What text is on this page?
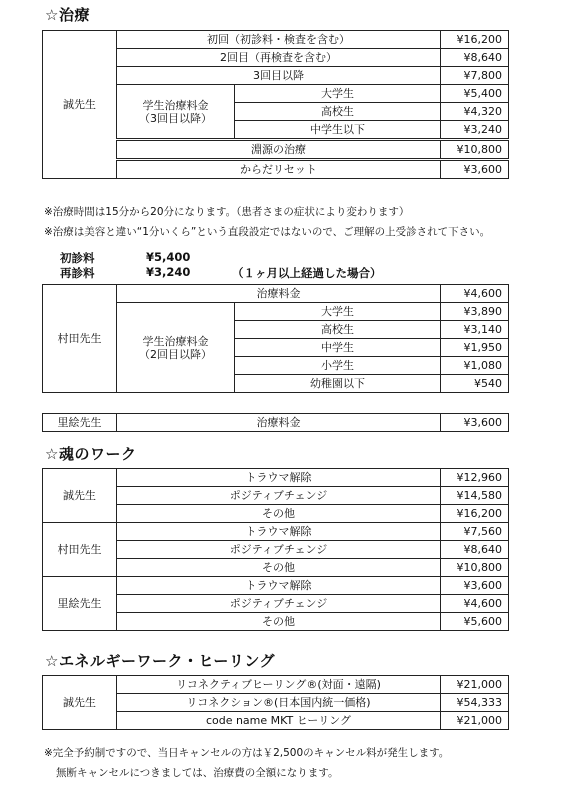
☆治療
誠先生	初回（初診料・検査を含む）		¥16,200
	2回目（再検査を含む）		¥8,640
	3回目以降		¥7,800
	学生治療料金
（3回目以降）	大学生	¥5,400
		高校生	¥4,320
		中学生以下	¥3,240
	淵源の治療		¥10,800
	からだリセット		¥3,600
※治療時間は15分から20分になります。（患者さまの症状により変わります）
※治療は美容と違い“1分いくら”という直段設定ではないので、ご理解の上受診されて下さい。
初診料	¥5,400
再診料	¥3,240	（１ヶ月以上経過した場合）
村田先生	治療料金		¥4,600
	学生治療料金
（2回目以降）	大学生	¥3,890
		高校生	¥3,140
		中学生	¥1,950
		小学生	¥1,080
		幼稚園以下	¥540
里絵先生	治療料金	¥3,600
☆魂のワーク
誠先生	トラウマ解除	¥12,960
	ポジティブチェンジ	¥14,580
	その他	¥16,200
村田先生	トラウマ解除	¥7,560
	ポジティブチェンジ	¥8,640
	その他	¥10,800
里絵先生	トラウマ解除	¥3,600
	ポジティブチェンジ	¥4,600
	その他	¥5,600
☆エネルギーワーク・ヒーリング
誠先生	リコネクティブヒーリング®(対面・遠隔)	¥21,000
	リコネクション®(日本国内統一価格)	¥54,333
	code name MKT ヒーリング	¥21,000
※完全予約制ですので、当日キャンセルの方は￥2,500のキャンセル料が発生します。
無断キャンセルにつきましては、治療費の全額になります。
